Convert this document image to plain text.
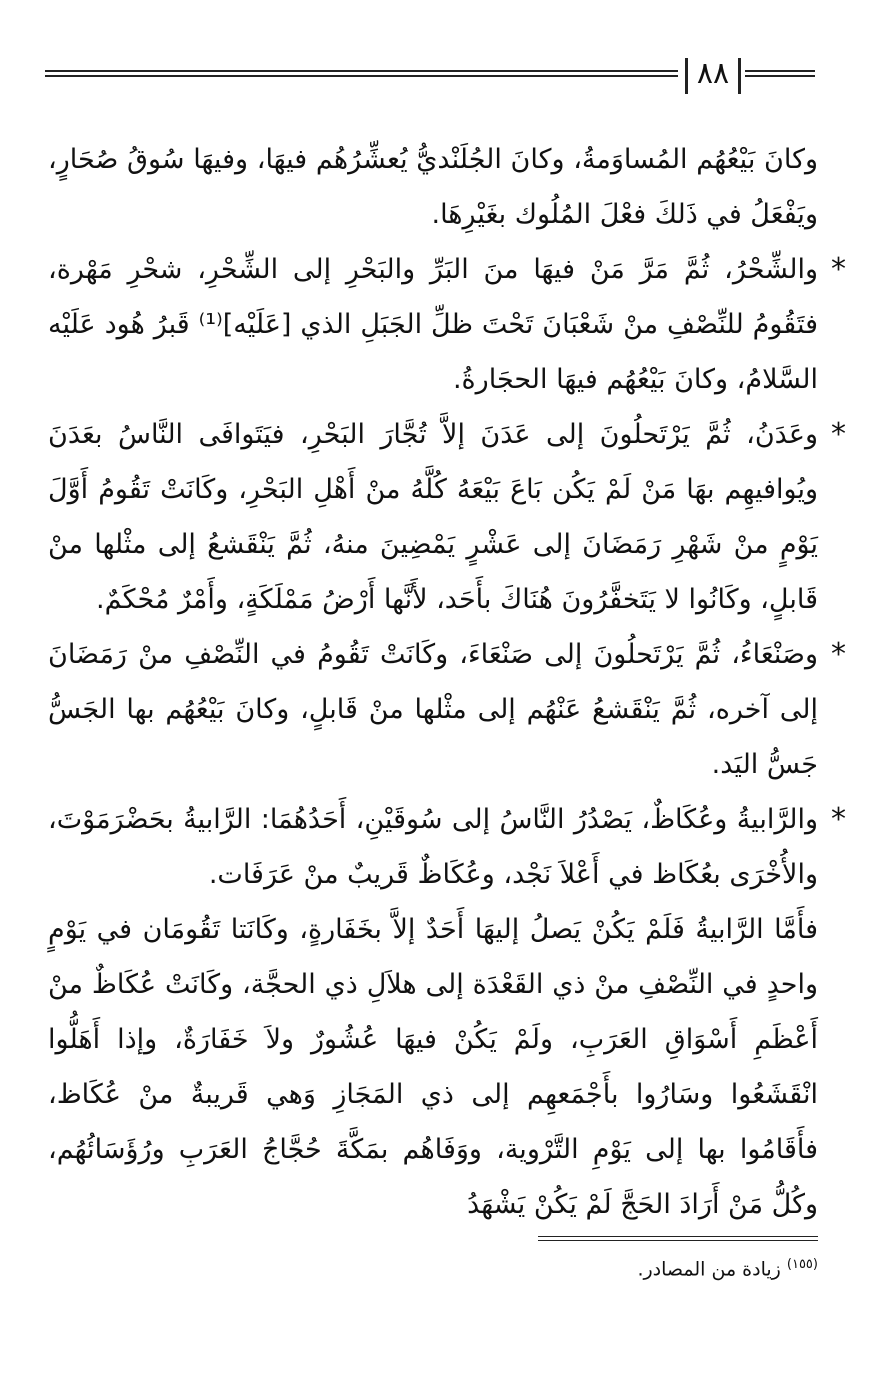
٨٨

وكانَ بَيْعُهُم المُساوَمةُ، وكانَ الجُلَنْديُّ يُعشِّرُهُم فيهَا، وفيهَا سُوقُ صُحَارٍ، ويَفْعَلُ في ذَلكَ فعْلَ المُلُوك بغَيْرِهَا.

*

والشِّحْرُ، ثُمَّ مَرَّ مَنْ فيهَا منَ البَرِّ والبَحْرِ إلى الشِّحْرِ، شحْرِ مَهْرة، فتَقُومُ للنِّصْفِ منْ شَعْبَانَ تَحْتَ ظلِّ الجَبَلِ الذي [عَلَيْه]⁽¹⁾ قَبرُ هُود عَلَيْه السَّلامُ، وكانَ بَيْعُهُم فيهَا الحجَارةُ.

*

وعَدَنُ، ثُمَّ يَرْتَحلُونَ إلى عَدَنَ إلاَّ تُجَّارَ البَحْرِ، فيَتَوافَى النَّاسُ بعَدَنَ ويُوافيهِم بهَا مَنْ لَمْ يَكُن بَاعَ بَيْعَهُ كُلَّهُ منْ أَهْلِ البَحْرِ، وكَانَتْ تَقُومُ أَوَّلَ يَوْمٍ منْ شَهْرِ رَمَضَانَ إلى عَشْرٍ يَمْضِينَ منهُ، ثُمَّ يَنْقَشعُ إلى مثْلها منْ قَابلٍ، وكَانُوا لا يَتَخفَّرُونَ هُنَاكَ بأَحَد، لأَنَّها أَرْضُ مَمْلَكَةٍ، وأَمْرٌ مُحْكَمٌ.

*

وصَنْعَاءُ، ثُمَّ يَرْتَحلُونَ إلى صَنْعَاءَ، وكَانَتْ تَقُومُ في النِّصْفِ منْ رَمَضَانَ إلى آخره، ثُمَّ يَنْقَشعُ عَنْهُم إلى مثْلها منْ قَابلٍ، وكانَ بَيْعُهُم بها الجَسُّ جَسُّ اليَد.

*

والرَّابيةُ وعُكَاظٌ، يَصْدُرُ النَّاسُ إلى سُوقَيْنِ، أَحَدُهُمَا: الرَّابيةُ بحَضْرَمَوْتَ، والأُخْرَى بعُكَاظ في أَعْلاَ نَجْد، وعُكَاظٌ قَريبٌ منْ عَرَفَات.

فأَمَّا الرَّابيةُ فَلَمْ يَكُنْ يَصلُ إليهَا أَحَدٌ إلاَّ بخَفَارةٍ، وكَانَتا تَقُومَان في يَوْمٍ واحدٍ في النِّصْفِ منْ ذي القَعْدَة إلى هلاَلِ ذي الحجَّة، وكَانَتْ عُكَاظٌ منْ أَعْظَمِ أَسْوَاقِ العَرَبِ، ولَمْ يَكُنْ فيهَا عُشُورٌ ولاَ خَفَارَةٌ، وإذا أَهَلُّوا انْقَشَعُوا وسَارُوا بأَجْمَعهِم إلى ذي المَجَازِ وَهي قَريبةٌ منْ عُكَاظ، فأَقَامُوا بها إلى يَوْمِ التَّرْوية، ووَفَاهُم بمَكَّةَ حُجَّاجُ العَرَبِ ورُؤَسَائُهُم، وكُلُّ مَنْ أَرَادَ الحَجَّ لَمْ يَكُنْ يَشْهَدُ

$^{(١٥٥)}$ زيادة من المصادر.
